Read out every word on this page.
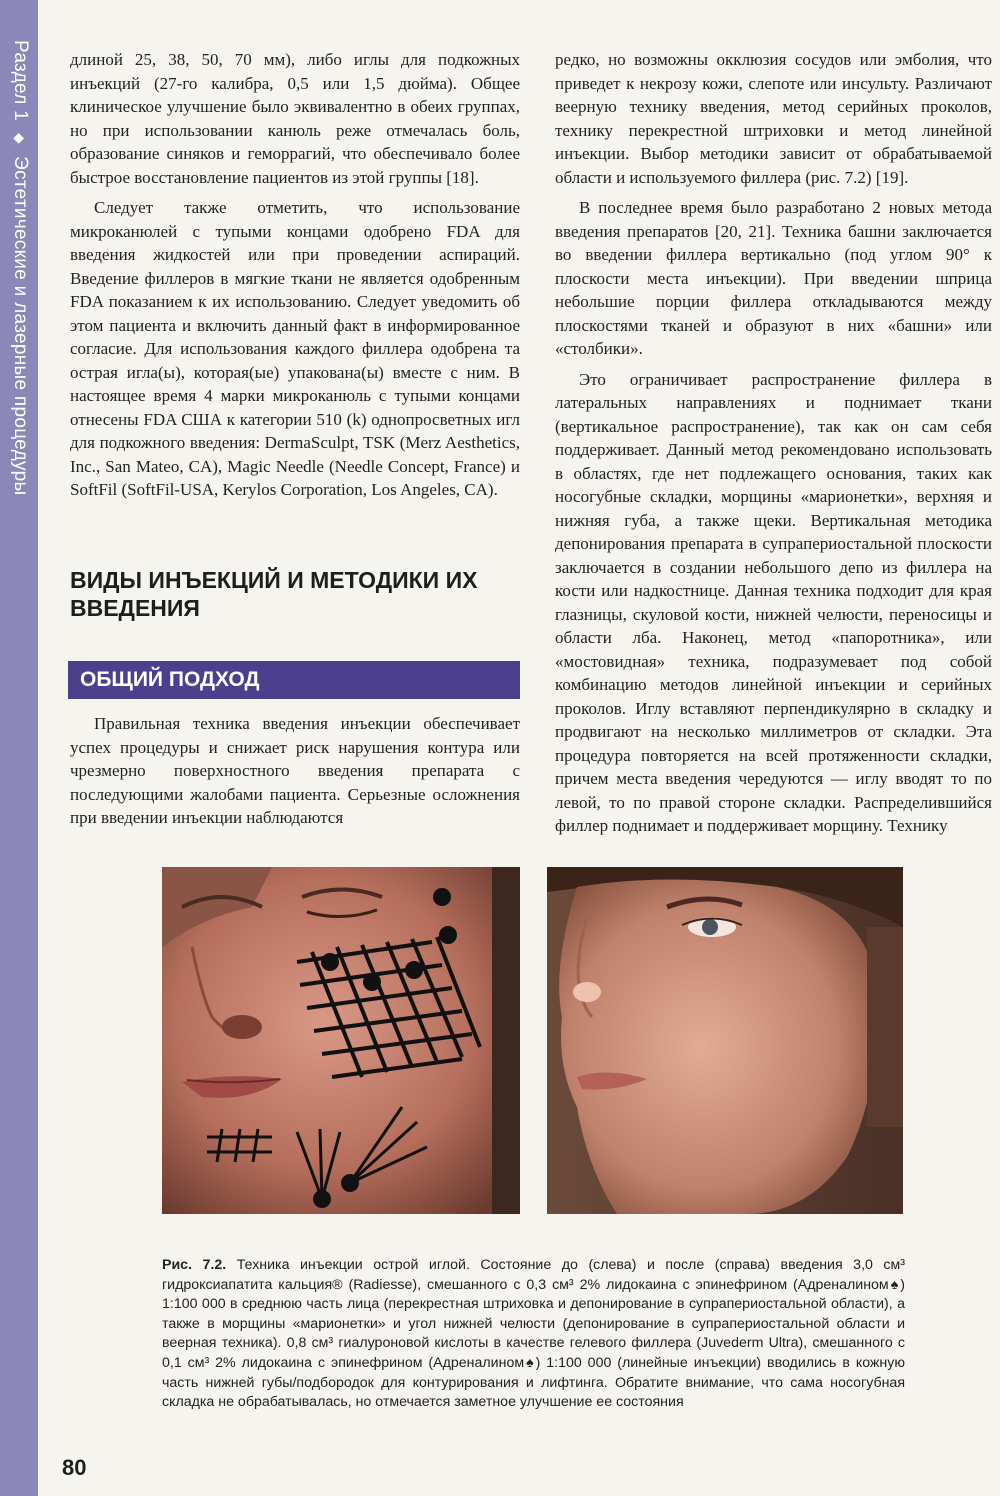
Раздел 1◆Эстетические и лазерные процедуры

длиной 25, 38, 50, 70 мм), либо иглы для подкожных инъекций (27-го калибра, 0,5 или 1,5 дюйма). Общее клиническое улучшение было эквивалентно в обеих группах, но при использовании канюль реже отмечалась боль, образование синяков и геморрагий, что обеспечивало более быстрое восстановление пациентов из этой группы [18].

Следует также отметить, что использование микроканюлей с тупыми концами одобрено FDA для введения жидкостей или при проведении аспираций. Введение филлеров в мягкие ткани не является одобренным FDA показанием к их использованию. Следует уведомить об этом пациента и включить данный факт в информированное согласие. Для использования каждого филлера одобрена та острая игла(ы), которая(ые) упакована(ы) вместе с ним. В настоящее время 4 марки микроканюль с тупыми концами отнесены FDA США к категории 510 (k) однопросветных игл для подкожного введения: DermaSculpt, TSK (Merz Aesthetics, Inc., San Mateo, CA), Magic Needle (Needle Concept, France) и SoftFil (SoftFil-USA, Kerylos Corporation, Los Angeles, CA).

ВИДЫ ИНЪЕКЦИЙ И МЕТОДИКИ ИХ ВВЕДЕНИЯ
ОБЩИЙ ПОДХОД

Правильная техника введения инъекции обеспечивает успех процедуры и снижает риск нарушения контура или чрезмерно поверхностного введения препарата с последующими жалобами пациента. Серьезные осложнения при введении инъекции наблюдаются

редко, но возможны окклюзия сосудов или эмболия, что приведет к некрозу кожи, слепоте или инсульту. Различают веерную технику введения, метод серийных проколов, технику перекрестной штриховки и метод линейной инъекции. Выбор методики зависит от обрабатываемой области и используемого филлера (рис. 7.2) [19].

В последнее время было разработано 2 новых метода введения препаратов [20, 21]. Техника башни заключается во введении филлера вертикально (под углом 90° к плоскости места инъекции). При введении шприца небольшие порции филлера откладываются между плоскостями тканей и образуют в них «башни» или «столбики».

Это ограничивает распространение филлера в латеральных направлениях и поднимает ткани (вертикальное распространение), так как он сам себя поддерживает. Данный метод рекомендовано использовать в областях, где нет подлежащего основания, таких как носогубные складки, морщины «марионетки», верхняя и нижняя губа, а также щеки. Вертикальная методика депонирования препарата в супрапериостальной плоскости заключается в создании небольшого депо из филлера на кости или надкостнице. Данная техника подходит для края глазницы, скуловой кости, нижней челюсти, переносицы и области лба. Наконец, метод «папоротника», или «мостовидная» техника, подразумевает под собой комбинацию методов линейной инъекции и серийных проколов. Иглу вставляют перпендикулярно в складку и продвигают на несколько миллиметров от складки. Эта процедура повторяется на всей протяженности складки, причем места введения чередуются — иглу вводят то по левой, то по правой стороне складки. Распределившийся филлер поднимает и поддерживает морщину. Технику

Рис. 7.2. Техника инъекции острой иглой. Состояние до (слева) и после (справа) введения 3,0 см³ гидроксиапатита кальция® (Radiesse), смешанного с 0,3 см³ 2% лидокаина с эпинефрином (Адреналином♠) 1:100 000 в среднюю часть лица (перекрестная штриховка и депонирование в супрапериостальной области), а также в морщины «марионетки» и угол нижней челюсти (депонирование в супрапериостальной области и веерная техника). 0,8 см³ гиалуроновой кислоты в качестве гелевого филлера (Juvederm Ultra), смешанного с 0,1 см³ 2% лидокаина с эпинефрином (Адреналином♠) 1:100 000 (линейные инъекции) вводились в кожную часть нижней губы/подбородок для контурирования и лифтинга. Обратите внимание, что сама носогубная складка не обрабатывалась, но отмечается заметное улучшение ее состояния
80
